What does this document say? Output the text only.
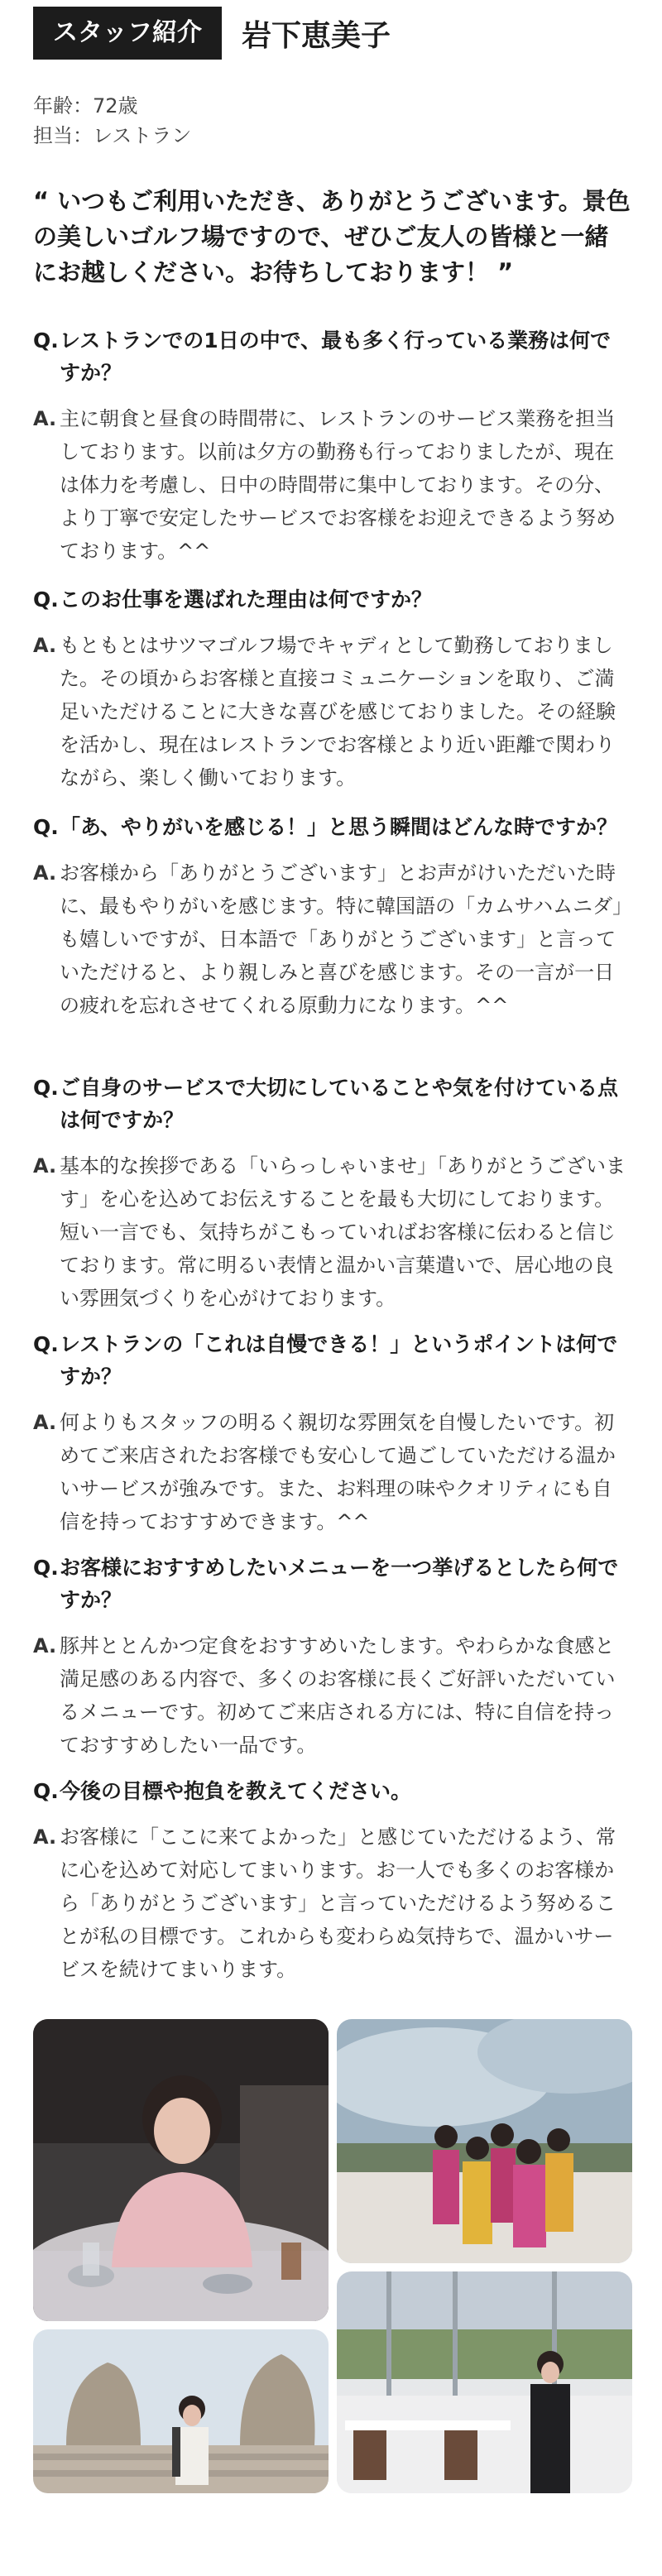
スタッフ紹介	岩下恵美子
年齢：72歳
担当：レストラン
“ いつもご利用いただき、ありがとうございます。景色の美しいゴルフ場ですので、ぜひご友人の皆様と一緒にお越しください。お待ちしております！ ”
Q. レストランでの1日の中で、最も多く行っている業務は何ですか？
A. 主に朝食と昼食の時間帯に、レストランのサービス業務を担当しております。以前は夕方の勤務も行っておりましたが、現在は体力を考慮し、日中の時間帯に集中しております。その分、より丁寧で安定したサービスでお客様をお迎えできるよう努めております。^^
Q. このお仕事を選ばれた理由は何ですか？
A. もともとはサツマゴルフ場でキャディとして勤務しておりました。その頃からお客様と直接コミュニケーションを取り、ご満足いただけることに大きな喜びを感じておりました。その経験を活かし、現在はレストランでお客様とより近い距離で関わりながら、楽しく働いております。
Q. 「あ、やりがいを感じる！」と思う瞬間はどんな時ですか？
A. お客様から「ありがとうございます」とお声がけいただいた時に、最もやりがいを感じます。特に韓国語の「カムサハムニダ」も嬉しいですが、日本語で「ありがとうございます」と言っていただけると、より親しみと喜びを感じます。その一言が一日の疲れを忘れさせてくれる原動力になります。^^
Q. ご自身のサービスで大切にしていることや気を付けている点は何ですか？
A. 基本的な挨拶である「いらっしゃいませ」「ありがとうございます」を心を込めてお伝えすることを最も大切にしております。短い一言でも、気持ちがこもっていればお客様に伝わると信じております。常に明るい表情と温かい言葉遣いで、居心地の良い雰囲気づくりを心がけております。
Q. レストランの「これは自慢できる！」というポイントは何ですか？
A. 何よりもスタッフの明るく親切な雰囲気を自慢したいです。初めてご来店されたお客様でも安心して過ごしていただける温かいサービスが強みです。また、お料理の味やクオリティにも自信を持っておすすめできます。^^
Q. お客様におすすめしたいメニューを一つ挙げるとしたら何ですか？
A. 豚丼ととんかつ定食をおすすめいたします。やわらかな食感と満足感のある内容で、多くのお客様に長くご好評いただいているメニューです。初めてご来店される方には、特に自信を持っておすすめしたい一品です。
Q. 今後の目標や抱負を教えてください。
A. お客様に「ここに来てよかった」と感じていただけるよう、常に心を込めて対応してまいります。お一人でも多くのお客様から「ありがとうございます」と言っていただけるよう努めることが私の目標です。これからも変わらぬ気持ちで、温かいサービスを続けてまいります。
